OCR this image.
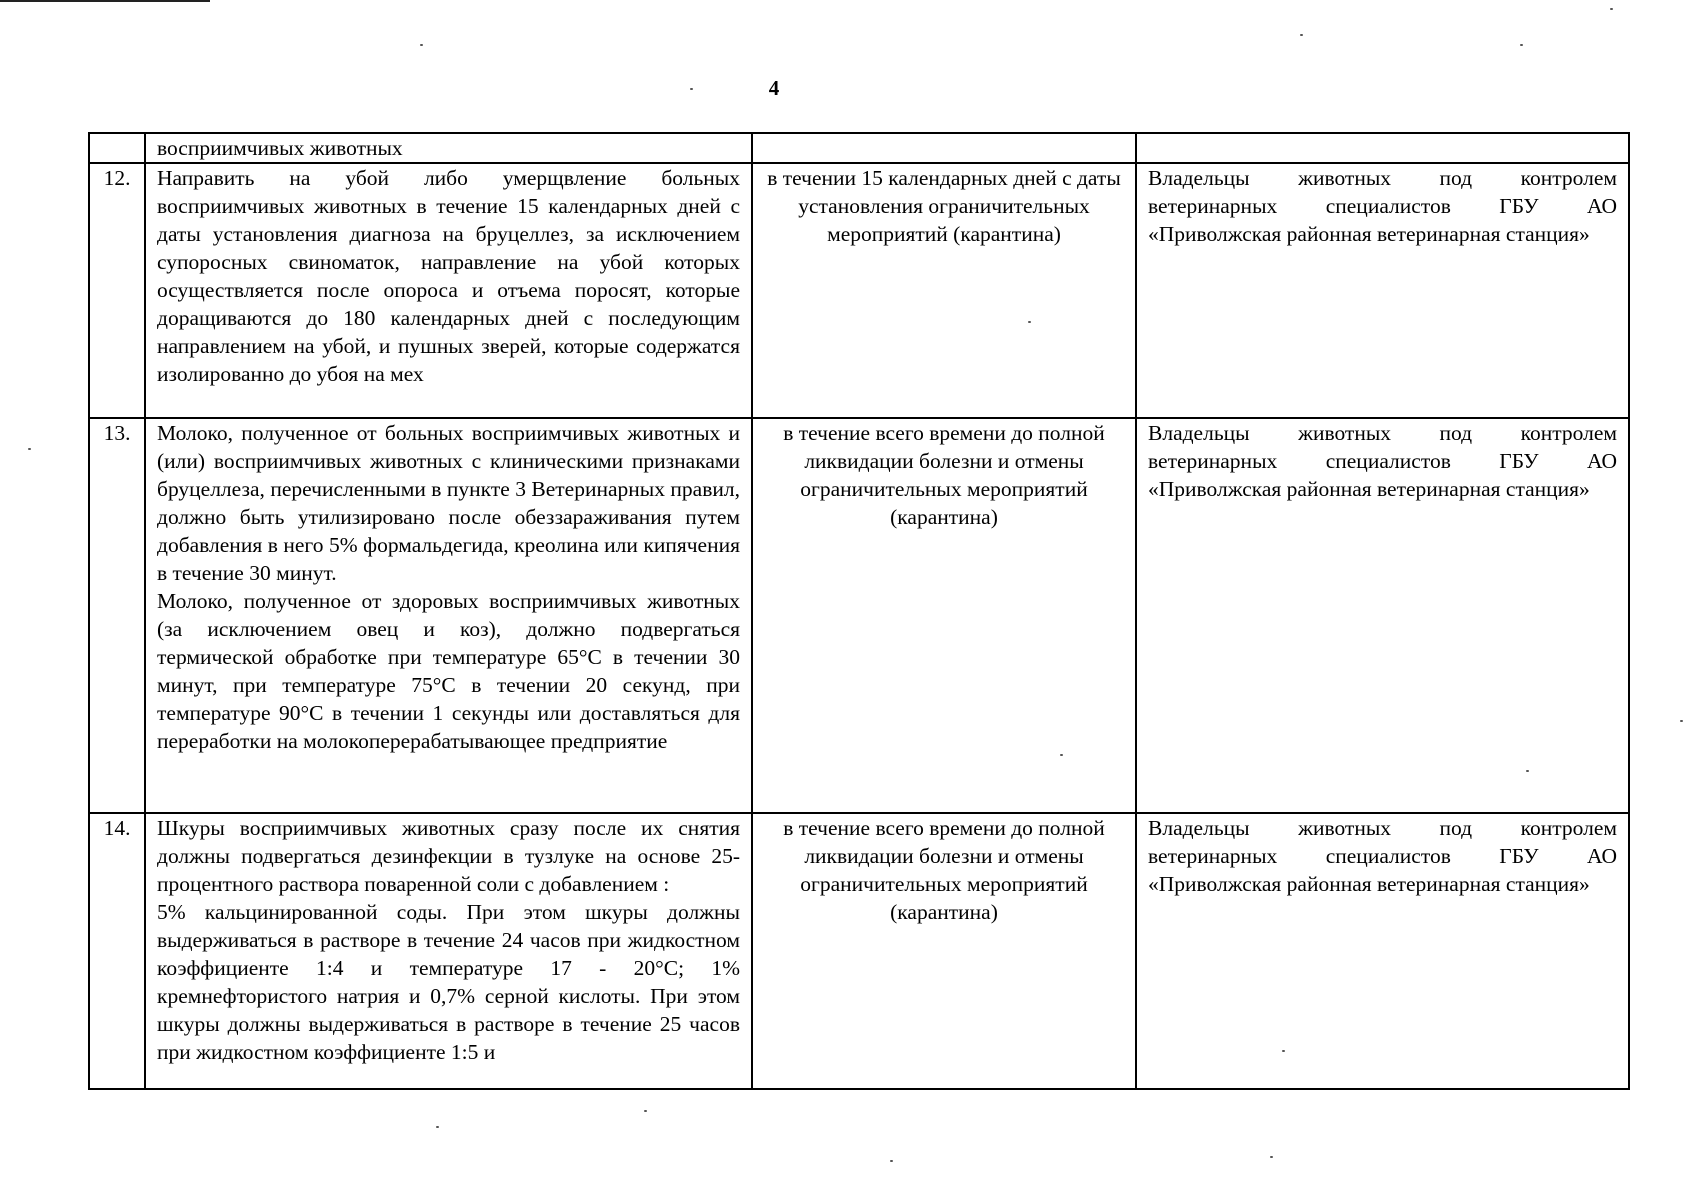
4

	восприимчивых животных		

12.	Направить на убой либо умерщвление больных восприимчивых животных в течение 15 календарных дней с даты установления диагноза на бруцеллез, за исключением супоросных свиноматок, направление на убой которых осуществляется после опороса и отъема поросят, которые доращиваются до 180 календарных дней с последующим направлением на убой, и пушных зверей, которые содержатся изолированно до убоя на мех	в течении 15 календарных дней с даты установления ограничительных мероприятий (карантина)	Владельцы животных под контролем ветеринарных специалистов ГБУ АО «Приволжская районная ветеринарная станция»
13.	Молоко, полученное от больных восприимчивых животных и (или) восприимчивых животных с клиническими признаками бруцеллеза, перечисленными в пункте 3 Ветеринарных правил, должно быть утилизировано после обеззараживания путем добавления в него 5% формальдегида, креолина или кипячения в течение 30 минут.

Молоко, полученное от здоровых восприимчивых животных (за исключением овец и коз), должно подвергаться термической обработке при температуре 65°С в течении 30 минут, при температуре 75°С в течении 20 секунд, при температуре 90°С в течении 1 секунды или доставляться для переработки на молокоперерабатывающее предприятие	в течение всего времени до полной ликвидации болезни и отмены ограничительных мероприятий (карантина)	Владельцы животных под контролем ветеринарных специалистов ГБУ АО «Приволжская районная ветеринарная станция»
14.	Шкуры восприимчивых животных сразу после их снятия должны подвергаться дезинфекции в тузлуке на основе 25-процентного раствора поваренной соли с добавлением :

5% кальцинированной соды. При этом шкуры должны выдерживаться в растворе в течение 24 часов при жидкостном коэффициенте 1:4 и температуре 17 - 20°С; 1% кремнефтористого натрия и 0,7% серной кислоты. При этом шкуры должны выдерживаться в растворе в течение 25 часов при жидкостном коэффициенте 1:5 и	в течение всего времени до полной ликвидации болезни и отмены ограничительных мероприятий (карантина)	Владельцы животных под контролем ветеринарных специалистов ГБУ АО «Приволжская районная ветеринарная станция»
